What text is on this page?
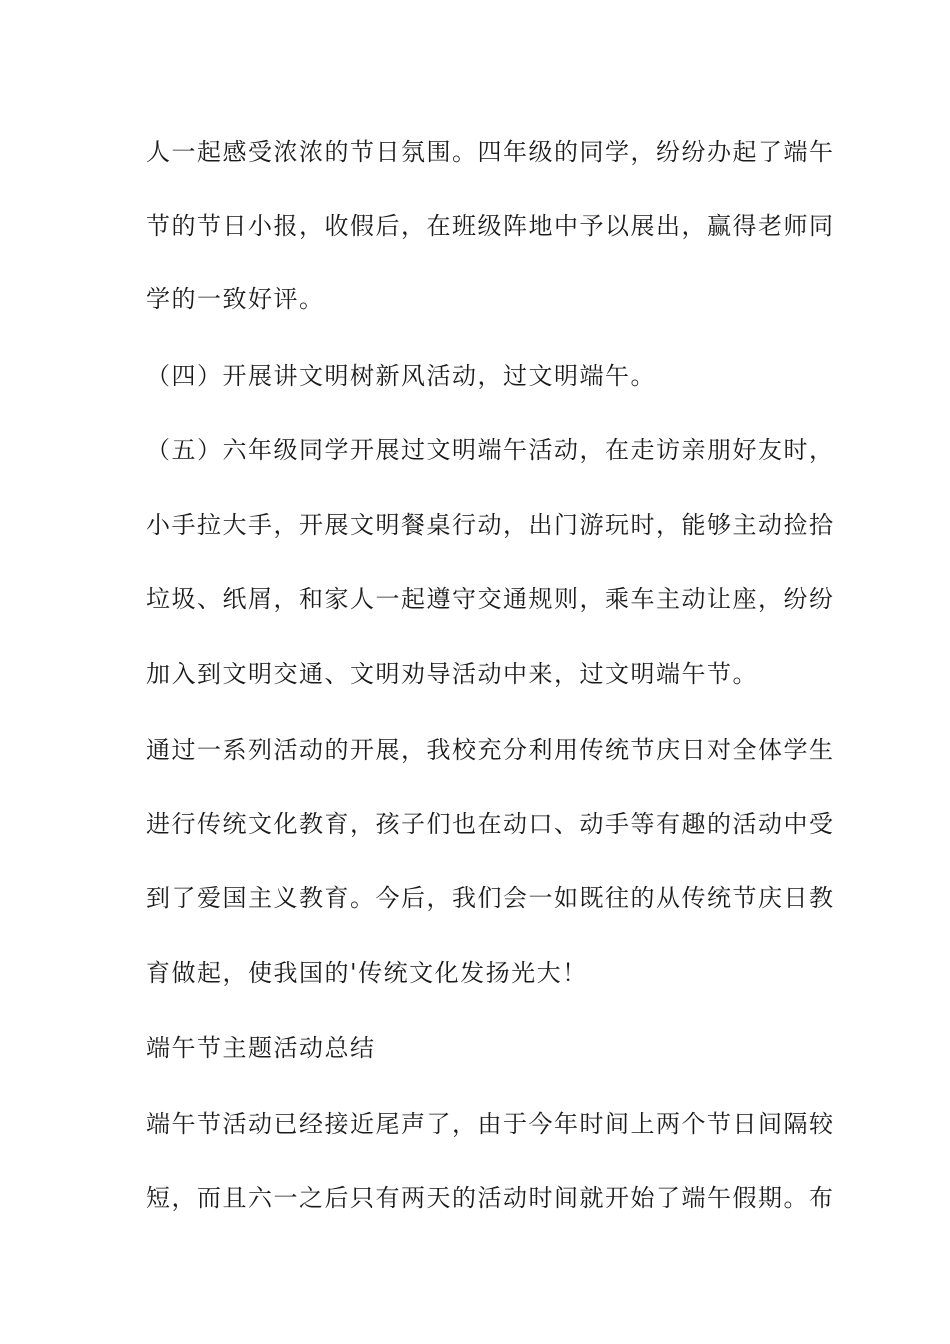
人一起感受浓浓的节日氛围。四年级的同学，纷纷办起了端午
节的节日小报，收假后，在班级阵地中予以展出，赢得老师同
学的一致好评。
（四）开展讲文明树新风活动，过文明端午。
（五）六年级同学开展过文明端午活动，在走访亲朋好友时，
小手拉大手，开展文明餐桌行动，出门游玩时，能够主动捡拾
垃圾、纸屑，和家人一起遵守交通规则，乘车主动让座，纷纷
加入到文明交通、文明劝导活动中来，过文明端午节。
通过一系列活动的开展，我校充分利用传统节庆日对全体学生
进行传统文化教育，孩子们也在动口、动手等有趣的活动中受
到了爱国主义教育。今后，我们会一如既往的从传统节庆日教
育做起，使我国的'传统文化发扬光大！
端午节主题活动总结
端午节活动已经接近尾声了，由于今年时间上两个节日间隔较
短，而且六一之后只有两天的活动时间就开始了端午假期。布
